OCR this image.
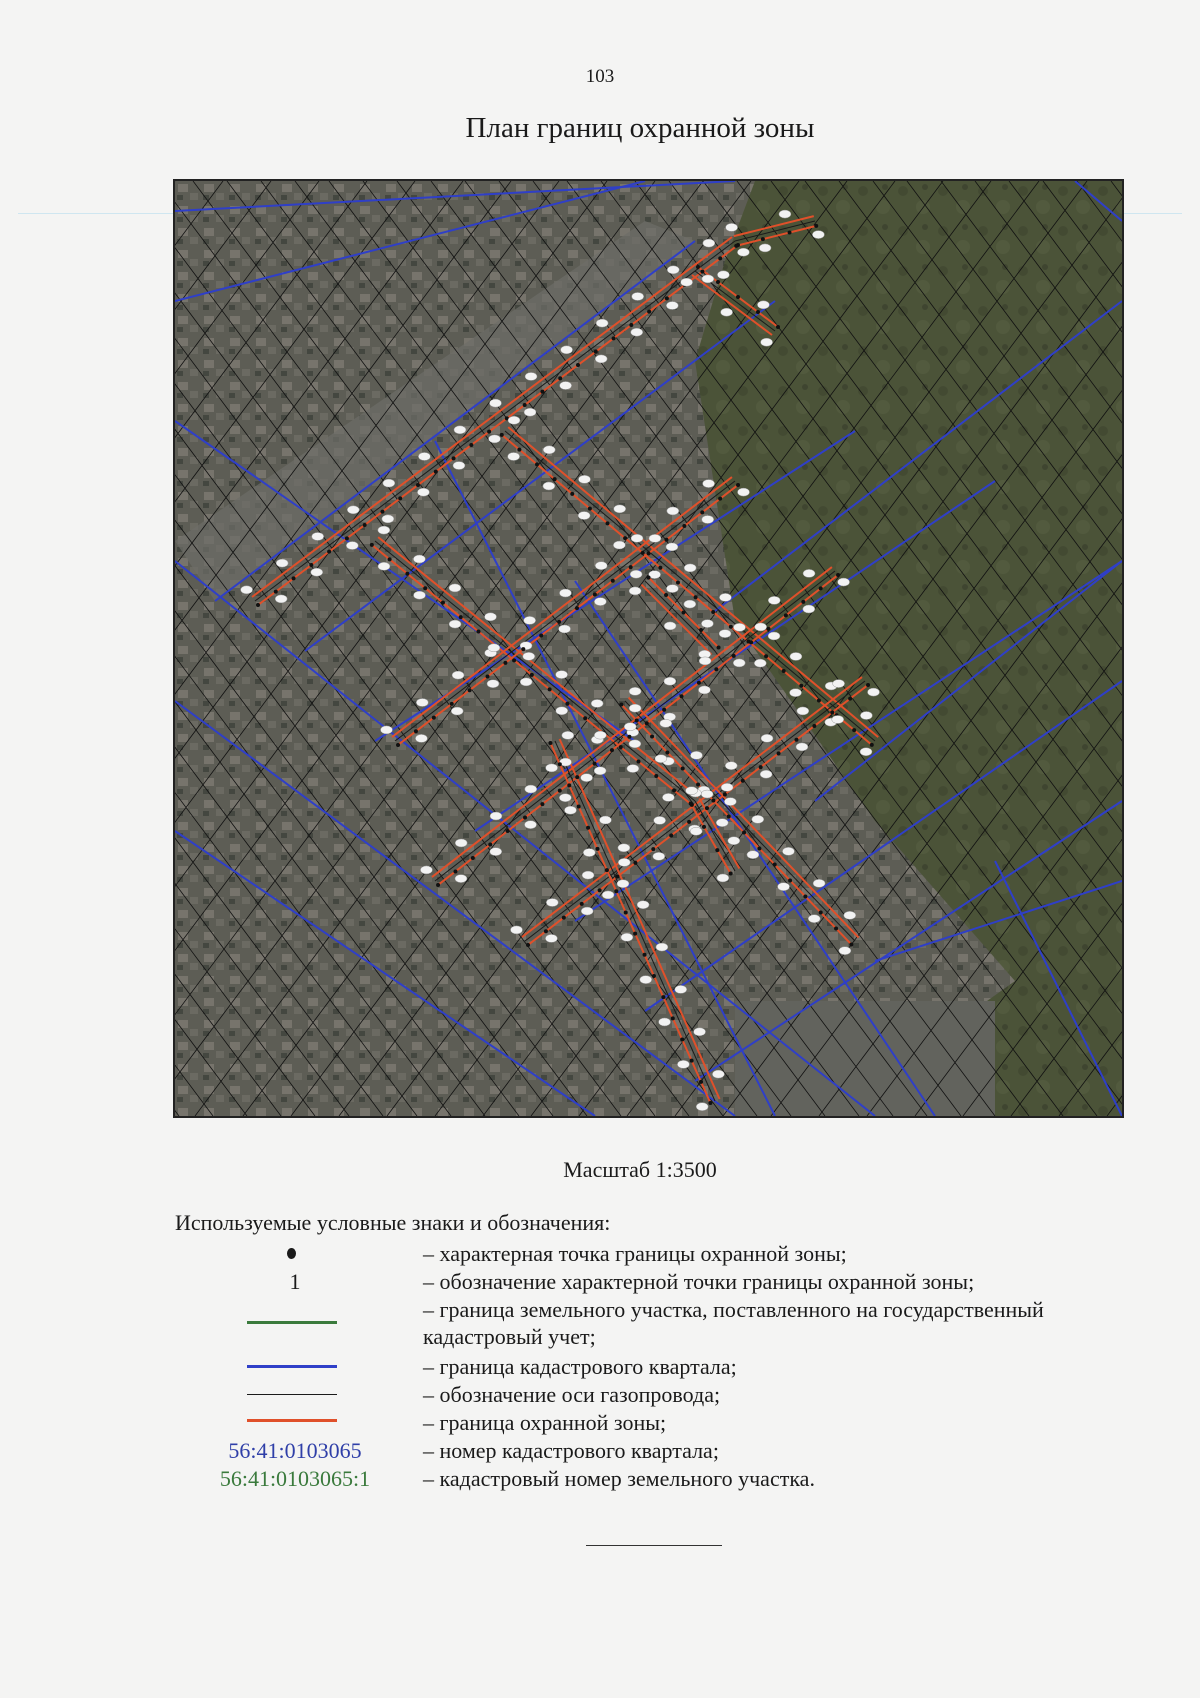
103
План границ охранной зоны
Масштаб 1:3500
Используемые условные знаки и обозначения:
– характерная точка границы охранной зоны;
1	– обозначение характерной точки границы охранной зоны;
– граница земельного участка, поставленного на государственный кадастровый учет;
– граница кадастрового квартала;
– обозначение оси газопровода;
– граница охранной зоны;
56:41:0103065	– номер кадастрового квартала;
56:41:0103065:1	– кадастровый номер земельного участка.
